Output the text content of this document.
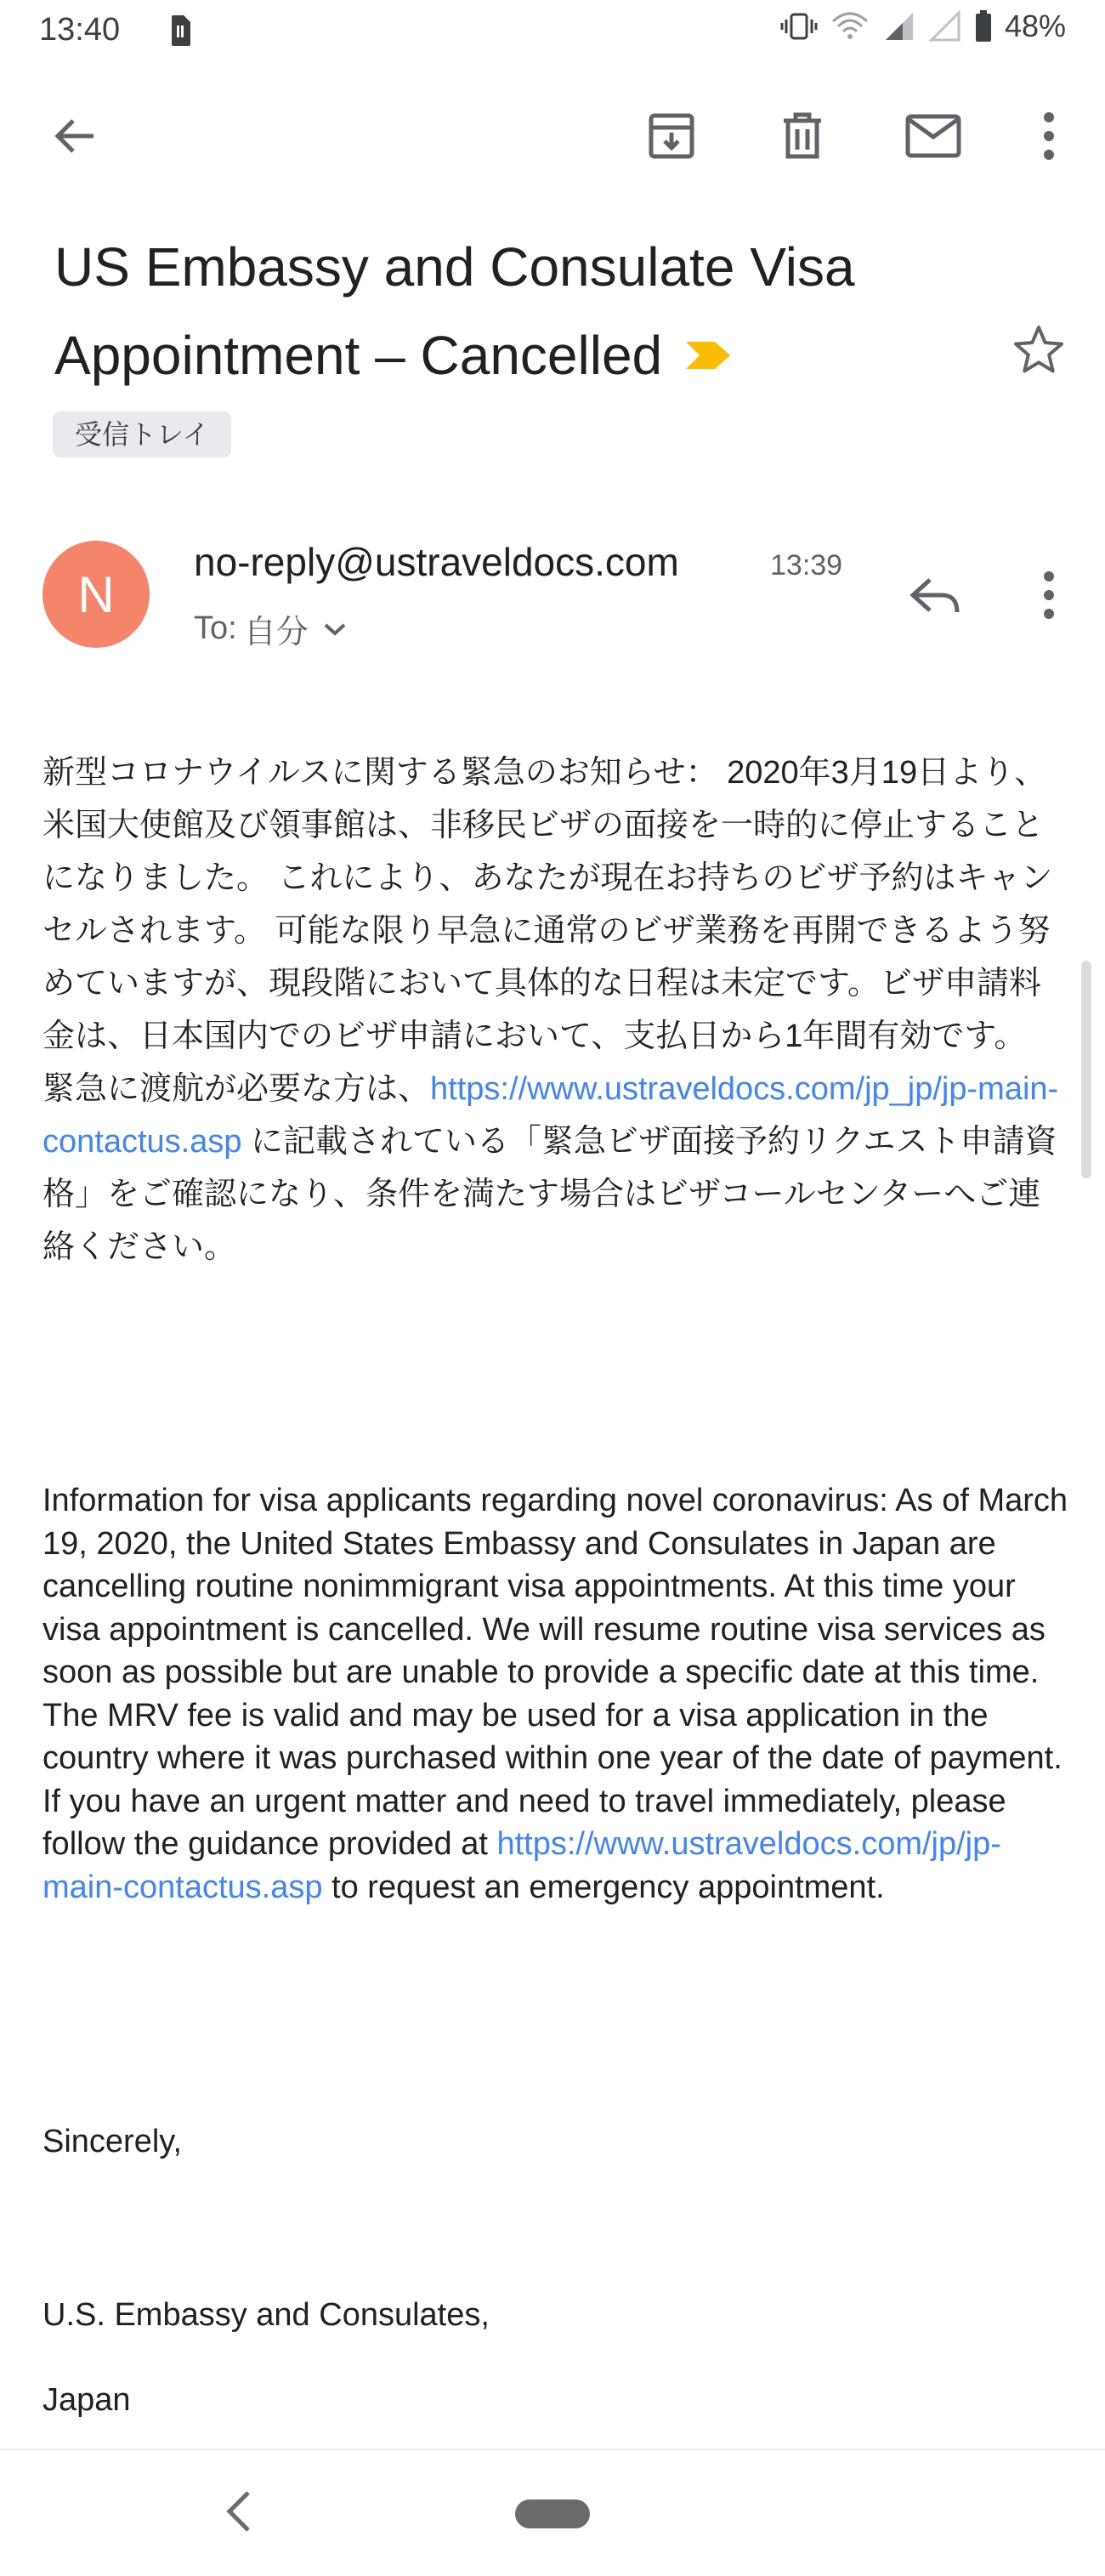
13:40	48%
US Embassy and Consulate Visa
Appointment – Cancelled
受信トレイ
N
no-reply@ustraveldocs.com	13:39
To: 自分
新型コロナウイルスに関する緊急のお知らせ： 2020年3月19日より、米国大使館及び領事館は、非移民ビザの面接を一時的に停止することになりました。 これにより、あなたが現在お持ちのビザ予約はキャンセルされます。 可能な限り早急に通常のビザ業務を再開できるよう努めていますが、現段階において具体的な日程は未定です。ビザ申請料金は、日本国内でのビザ申請において、支払日から1年間有効です。 緊急に渡航が必要な方は、https://www.ustraveldocs.com/jp_jp/jp-main-contactus.asp に記載されている「緊急ビザ面接予約リクエスト申請資格」をご確認になり、条件を満たす場合はビザコールセンターへご連絡ください。
Information for visa applicants regarding novel coronavirus: As of March 19, 2020, the United States Embassy and Consulates in Japan are cancelling routine nonimmigrant visa appointments. At this time your visa appointment is cancelled. We will resume routine visa services as soon as possible but are unable to provide a specific date at this time. The MRV fee is valid and may be used for a visa application in the country where it was purchased within one year of the date of payment. If you have an urgent matter and need to travel immediately, please follow the guidance provided at https://www.ustraveldocs.com/jp/jp-main-contactus.asp to request an emergency appointment.
Sincerely,
U.S. Embassy and Consulates,
Japan
